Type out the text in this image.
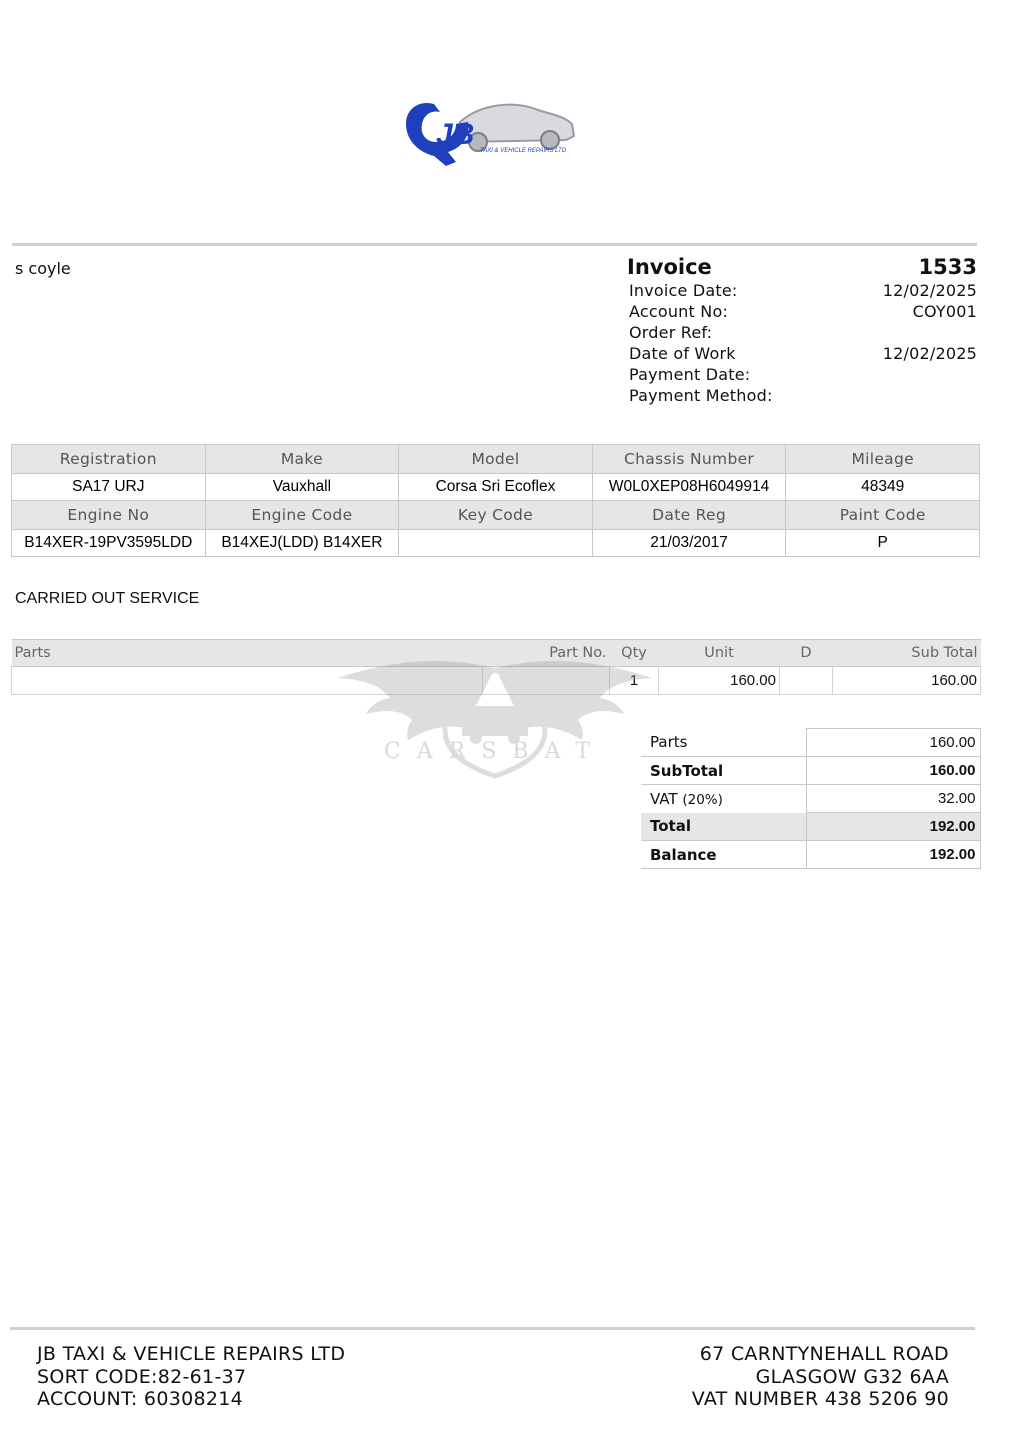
JB TAXI & VEHICLE REPAIRS LTD
s coyle	Invoice	1533
Invoice Date:	12/02/2025
Account No:	COY001
Order Ref:
Date of Work	12/02/2025
Payment Date:
Payment Method:
Registration	Make	Model	Chassis Number	Mileage
SA17 URJ	Vauxhall	Corsa Sri Ecoflex	W0L0XEP08H6049914	48349
Engine No	Engine Code	Key Code	Date Reg	Paint Code
B14XER-19PV3595LDD	B14XEJ(LDD) B14XER		21/03/2017	P
CARRIED OUT SERVICE
Parts	Part No.	Qty	Unit	D	Sub Total
		1	160.00		160.00
CARSBAT	Parts	160.00
SubTotal	160.00
VAT (20%)	32.00
Total	192.00
Balance	192.00
JB TAXI & VEHICLE REPAIRS LTD
SORT CODE:82-61-37
ACCOUNT: 60308214
67 CARNTYNEHALL ROAD
GLASGOW G32 6AA
VAT NUMBER 438 5206 90
